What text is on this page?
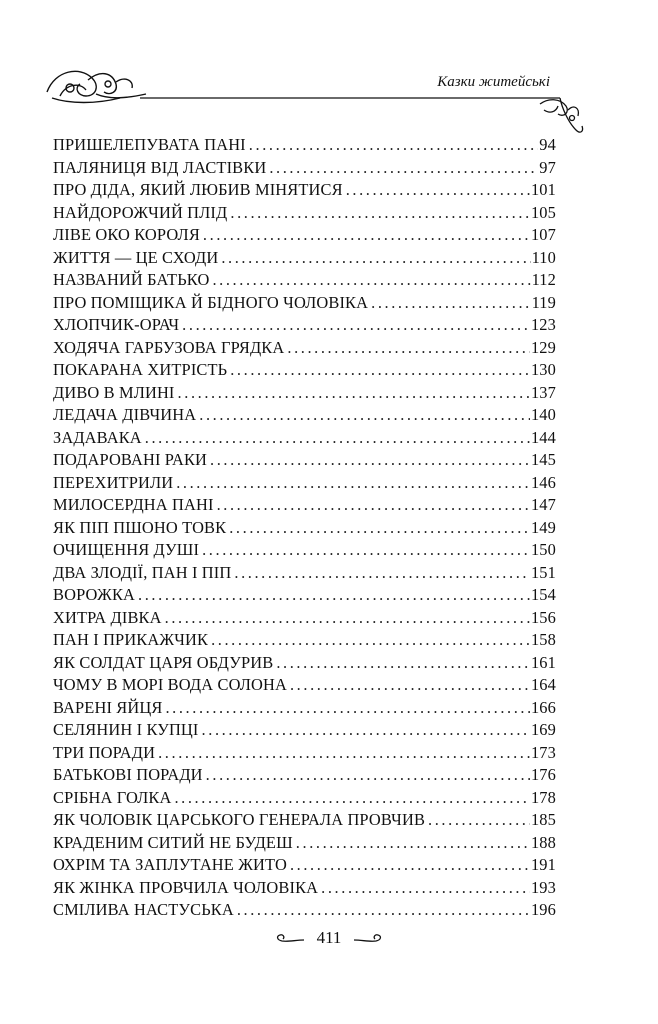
Казки житейські
ПРИШЕЛЕПУВАТА ПАНІ .....	94
ПАЛЯНИЦЯ ВІД ЛАСТІВКИ .....	97
ПРО ДІДА, ЯКИЙ ЛЮБИВ МІНЯТИСЯ .....	101
НАЙДОРОЖЧИЙ ПЛІД .....	105
ЛІВЕ ОКО КОРОЛЯ .....	107
ЖИТТЯ — ЦЕ СХОДИ .....	110
НАЗВАНИЙ БАТЬКО .....	112
ПРО ПОМІЩИКА Й БІДНОГО ЧОЛОВІКА .....	119
ХЛОПЧИК-ОРАЧ .....	123
ХОДЯЧА ГАРБУЗОВА ГРЯДКА .....	129
ПОКАРАНА ХИТРІСТЬ .....	130
ДИВО В МЛИНІ .....	137
ЛЕДАЧА ДІВЧИНА .....	140
ЗАДАВАКА .....	144
ПОДАРОВАНІ РАКИ .....	145
ПЕРЕХИТРИЛИ .....	146
МИЛОСЕРДНА ПАНІ .....	147
ЯК ПІП ПШОНО ТОВК .....	149
ОЧИЩЕННЯ ДУШІ .....	150
ДВА ЗЛОДІЇ, ПАН І ПІП .....	151
ВОРОЖКА .....	154
ХИТРА ДІВКА .....	156
ПАН І ПРИКАЖЧИК .....	158
ЯК СОЛДАТ ЦАРЯ ОБДУРИВ .....	161
ЧОМУ В МОРІ ВОДА СОЛОНА .....	164
ВАРЕНІ ЯЙЦЯ .....	166
СЕЛЯНИН І КУПЦІ .....	169
ТРИ ПОРАДИ .....	173
БАТЬКОВІ ПОРАДИ .....	176
СРІБНА ГОЛКА .....	178
ЯК ЧОЛОВІК ЦАРСЬКОГО ГЕНЕРАЛА ПРОВЧИВ .....	185
КРАДЕНИМ СИТИЙ НЕ БУДЕШ .....	188
ОХРІМ ТА ЗАПЛУТАНЕ ЖИТО .....	191
ЯК ЖІНКА ПРОВЧИЛА ЧОЛОВІКА .....	193
СМІЛИВА НАСТУСЬКА .....	196
411
